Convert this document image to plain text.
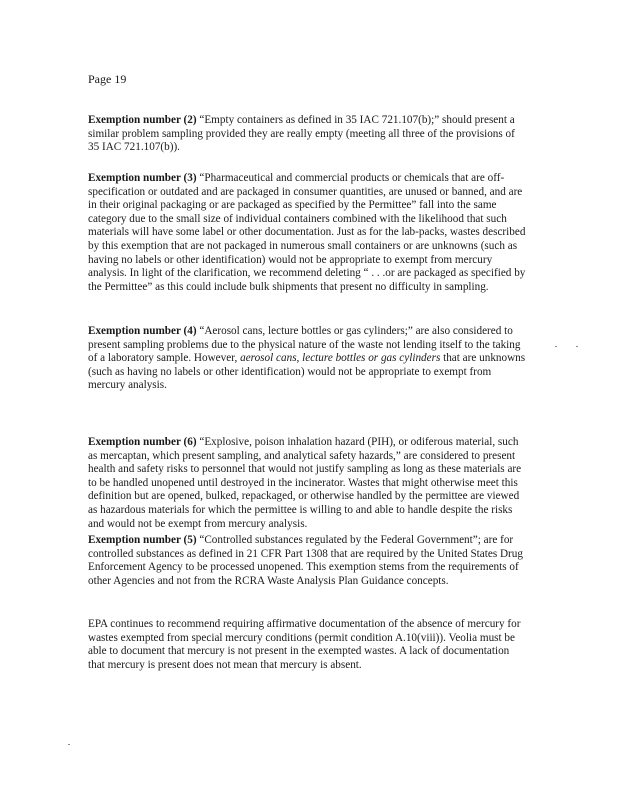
Page 19

Exemption number (2) “Empty containers as defined in 35 IAC 721.107(b);” should present a similar problem sampling provided they are really empty (meeting all three of the provisions of 35 IAC 721.107(b)).

Exemption number (3) “Pharmaceutical and commercial products or chemicals that are off-specification or outdated and are packaged in consumer quantities, are unused or banned, and are in their original packaging or are packaged as specified by the Permittee” fall into the same category due to the small size of individual containers combined with the likelihood that such materials will have some label or other documentation. Just as for the lab-packs, wastes described by this exemption that are not packaged in numerous small containers or are unknowns (such as having no labels or other identification) would not be appropriate to exempt from mercury analysis. In light of the clarification, we recommend deleting “ . . .or are packaged as specified by the Permittee” as this could include bulk shipments that present no difficulty in sampling.

Exemption number (4) “Aerosol cans, lecture bottles or gas cylinders;” are also considered to present sampling problems due to the physical nature of the waste not lending itself to the taking of a laboratory sample. However, aerosol cans, lecture bottles or gas cylinders that are unknowns (such as having no labels or other identification) would not be appropriate to exempt from mercury analysis.

Exemption number (6) “Explosive, poison inhalation hazard (PIH), or odiferous material, such as mercaptan, which present sampling, and analytical safety hazards,” are considered to present health and safety risks to personnel that would not justify sampling as long as these materials are to be handled unopened until destroyed in the incinerator. Wastes that might otherwise meet this definition but are opened, bulked, repackaged, or otherwise handled by the permittee are viewed as hazardous materials for which the permittee is willing to and able to handle despite the risks and would not be exempt from mercury analysis.

Exemption number (5) “Controlled substances regulated by the Federal Government”; are for controlled substances as defined in 21 CFR Part 1308 that are required by the United States Drug Enforcement Agency to be processed unopened. This exemption stems from the requirements of other Agencies and not from the RCRA Waste Analysis Plan Guidance concepts.

EPA continues to recommend requiring affirmative documentation of the absence of mercury for wastes exempted from special mercury conditions (permit condition A.10(viii)). Veolia must be able to document that mercury is not present in the exempted wastes. A lack of documentation that mercury is present does not mean that mercury is absent.
